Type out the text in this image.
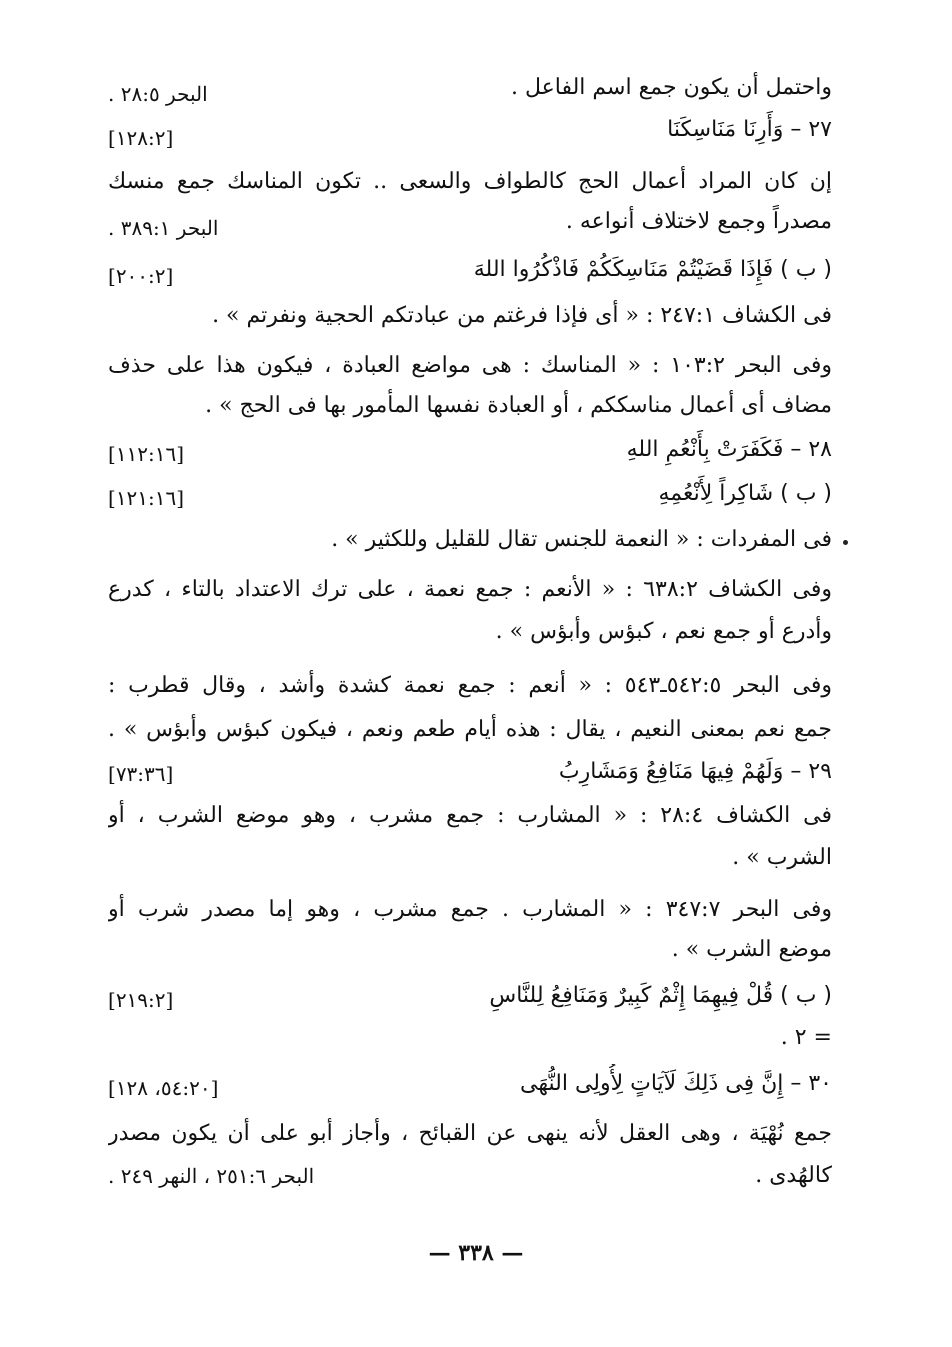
واحتمل أن يكون جمع اسم الفاعل .
٢٧ – وَأَرِنَا مَنَاسِكَنَا
إن كان المراد أعمال الحج كالطواف والسعى .. تكون المناسك جمع منسك
مصدراً وجمع لاختلاف أنواعه .
( ب ) فَإِذَا قَضَيْتُمْ مَنَاسِكَكُمْ فَاذْكُرُوا اللهَ
فى الكشاف ٢٤٧:١ : « أى فإذا فرغتم من عبادتكم الحجية ونفرتم » .
وفى البحر ١٠٣:٢ : « المناسك : هى مواضع العبادة ، فيكون هذا على حذف
مضاف أى أعمال مناسككم ، أو العبادة نفسها المأمور بها فى الحج » .
٢٨ – فَكَفَرَتْ بِأَنْعُمِ اللهِ
( ب ) شَاكِراً لِأَنْعُمِهِ
فى المفردات : « النعمة للجنس تقال للقليل وللكثير » .
وفى الكشاف ٦٣٨:٢ : « الأنعم : جمع نعمة ، على ترك الاعتداد بالتاء ، كدرع
وأدرع أو جمع نعم ، كبؤس وأبؤس » .
وفى البحر ٥٤٢:٥ـ٥٤٣ : « أنعم : جمع نعمة كشدة وأشد ، وقال قطرب :
جمع نعم بمعنى النعيم ، يقال : هذه أيام طعم ونعم ، فيكون كبؤس وأبؤس » .
٢٩ – وَلَهُمْ فِيهَا مَنَافِعُ وَمَشَارِبُ
فى الكشاف ٢٨:٤ : « المشارب : جمع مشرب ، وهو موضع الشرب ، أو
الشرب » .
وفى البحر ٣٤٧:٧ : « المشارب . جمع مشرب ، وهو إما مصدر شرب أو
موضع الشرب » .
( ب ) قُلْ فِيهِمَا إِثْمٌ كَبِيرٌ وَمَنَافِعُ لِلنَّاسِ
= ٢ .
٣٠ – إِنَّ فِى ذَلِكَ لَآيَاتٍ لِأُولِى النُّهَى
جمع نُهْيَة ، وهى العقل لأنه ينهى عن القبائح ، وأجاز أبو على أن يكون مصدر
كالهُدى .
البحر ٢٨:٥ .
[١٢٨:٢]
البحر ٣٨٩:١ .
[٢٠٠:٢]
[١١٢:١٦]
[١٢١:١٦]
[٧٣:٣٦]
[٢١٩:٢]
[٥٤:٢٠، ١٢٨]
البحر ٢٥١:٦ ، النهر ٢٤٩ .
— ٣٣٨ —
